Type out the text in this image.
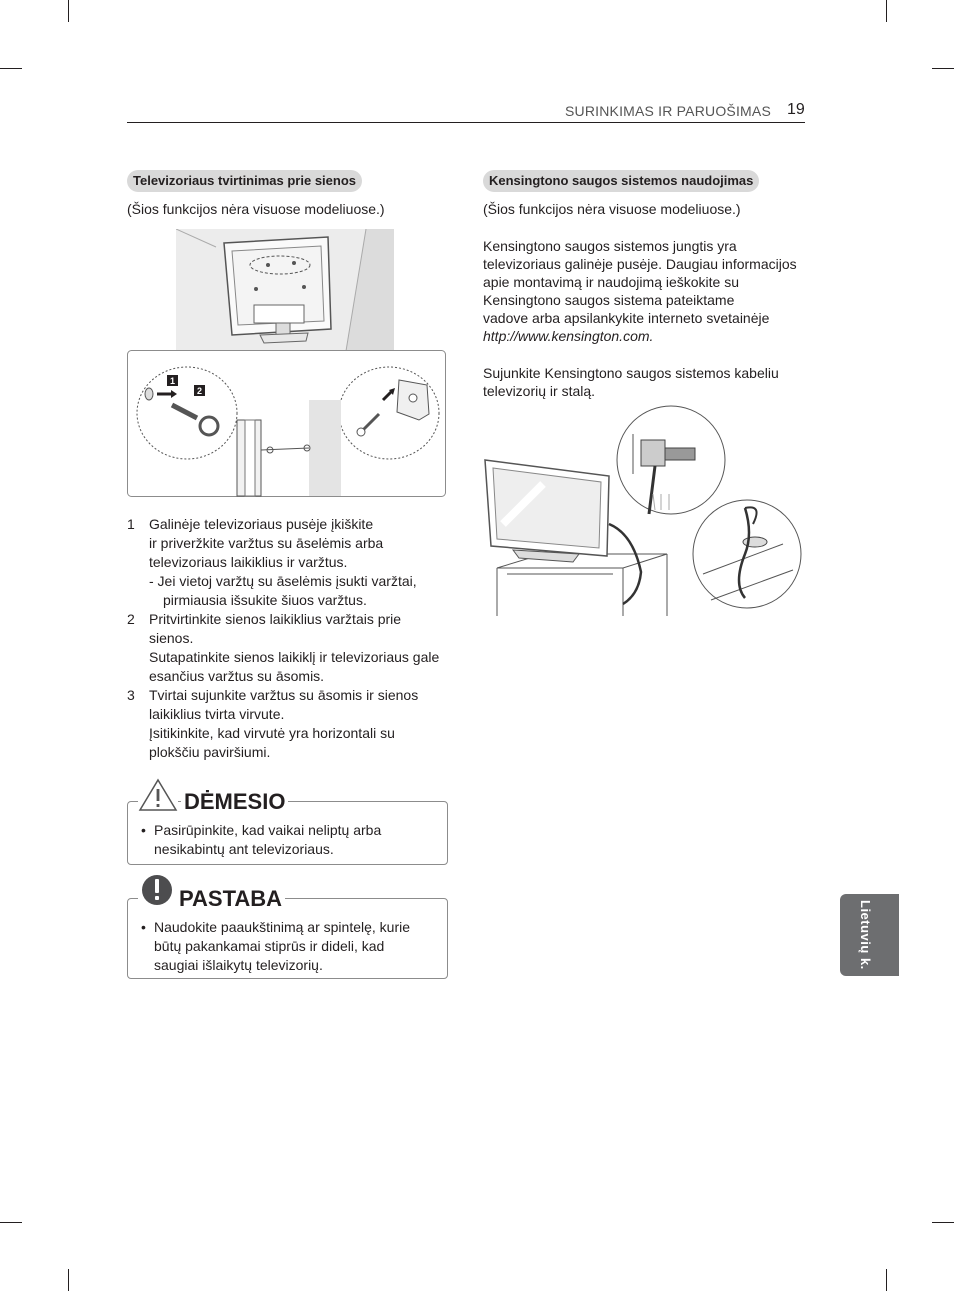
SURINKIMAS IR PARUOŠIMAS 19
Televizoriaus tvirtinimas prie sienos
(Šios funkcijos nėra visuose modeliuose.)
1
2
1 Galinėje televizoriaus pusėje įkiškite
ir priveržkite varžtus su āselėmis arba
televizoriaus laikiklius ir varžtus.
- Jei vietoj varžtų su āselėmis įsukti varžtai,
pirmiausia išsukite šiuos varžtus.
2 Pritvirtinkite sienos laikiklius varžtais prie
sienos.
Sutapatinkite sienos laikiklį ir televizoriaus gale
esančius varžtus su āsomis.
3 Tvirtai sujunkite varžtus su āsomis ir sienos
laikiklius tvirta virvute.
Įsitikinkite, kad virvutė yra horizontali su
plokščiu paviršiumi.
DĖMESIO
• Pasirūpinkite, kad vaikai neliptų arba
nesikabintų ant televizoriaus.
PASTABA
• Naudokite paaukštinimą ar spintelę, kurie
būtų pakankamai stiprūs ir dideli, kad
saugiai išlaikytų televizorių.
Kensingtono saugos sistemos naudojimas
(Šios funkcijos nėra visuose modeliuose.)
Kensingtono saugos sistemos jungtis yra
televizoriaus galinėje pusėje. Daugiau informacijos
apie montavimą ir naudojimą ieškokite su
Kensingtono saugos sistema pateiktame
vadove arba apsilankykite interneto svetainėje
http://www.kensington.com.
Sujunkite Kensingtono saugos sistemos kabeliu
televizorių ir stalą.
Lietuvių k.
